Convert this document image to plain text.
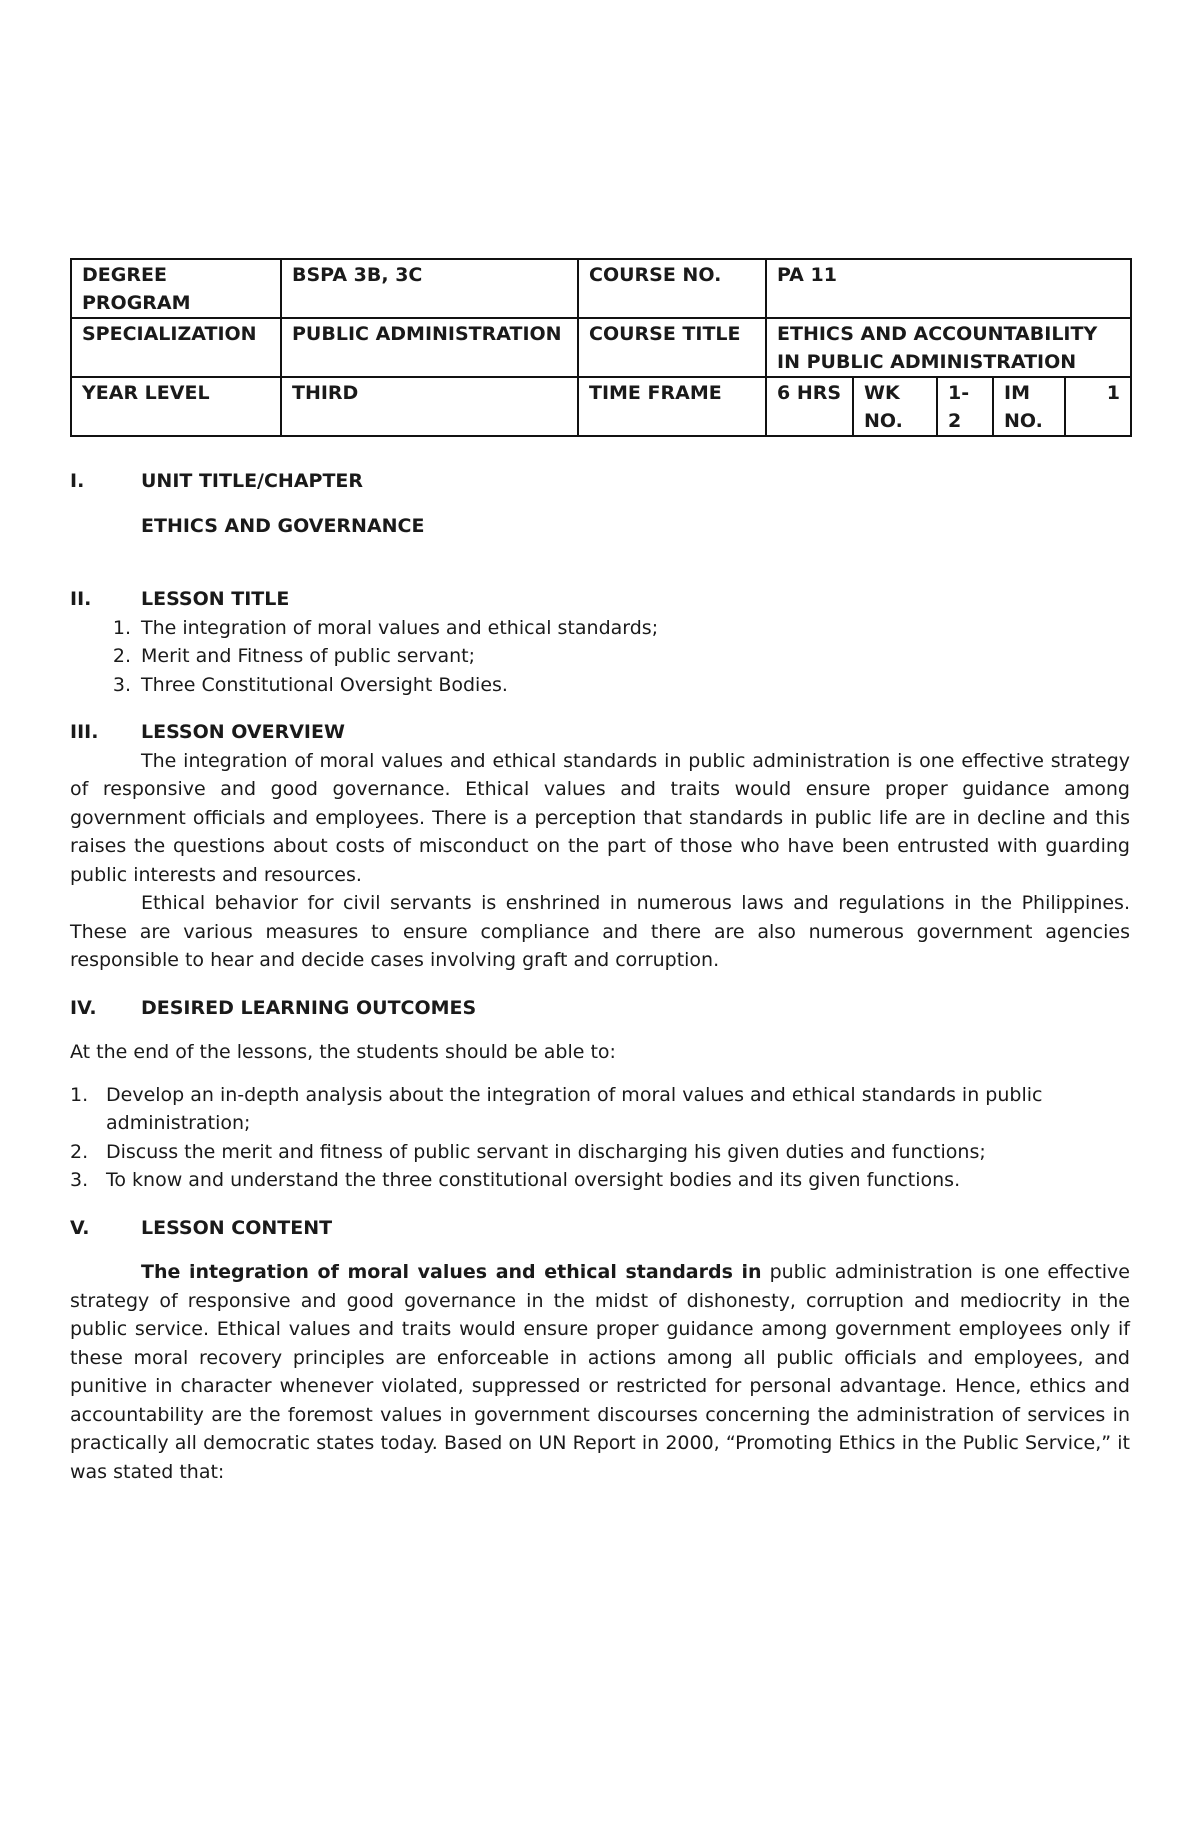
DEGREE PROGRAM	BSPA 3B, 3C	COURSE NO.	PA 11				
SPECIALIZATION	PUBLIC ADMINISTRATION	COURSE TITLE	ETHICS AND ACCOUNTABILITY IN PUBLIC ADMINISTRATION				
YEAR LEVEL	THIRD	TIME FRAME	6 HRS	WK NO.	1-2	IM NO.	1
I.	UNIT TITLE/CHAPTER
ETHICS AND GOVERNANCE
II.	LESSON TITLE
1. The integration of moral values and ethical standards;
2. Merit and Fitness of public servant;
3. Three Constitutional Oversight Bodies.
III.	LESSON OVERVIEW

The integration of moral values and ethical standards in public administration is one effective strategy of responsive and good governance. Ethical values and traits would ensure proper guidance among government officials and employees. There is a perception that standards in public life are in decline and this raises the questions about costs of misconduct on the part of those who have been entrusted with guarding public interests and resources.

Ethical behavior for civil servants is enshrined in numerous laws and regulations in the Philippines. These are various measures to ensure compliance and there are also numerous government agencies responsible to hear and decide cases involving graft and corruption.

IV.	DESIRED LEARNING OUTCOMES

At the end of the lessons, the students should be able to:

1. Develop an in-depth analysis about the integration of moral values and ethical standards in public administration;
2. Discuss the merit and fitness of public servant in discharging his given duties and functions;
3. To know and understand the three constitutional oversight bodies and its given functions.
V.	LESSON CONTENT

The integration of moral values and ethical standards in public administration is one effective strategy of responsive and good governance in the midst of dishonesty, corruption and mediocrity in the public service. Ethical values and traits would ensure proper guidance among government employees only if these moral recovery principles are enforceable in actions among all public officials and employees, and punitive in character whenever violated, suppressed or restricted for personal advantage. Hence, ethics and accountability are the foremost values in government discourses concerning the administration of services in practically all democratic states today. Based on UN Report in 2000, “Promoting Ethics in the Public Service,” it was stated that:
